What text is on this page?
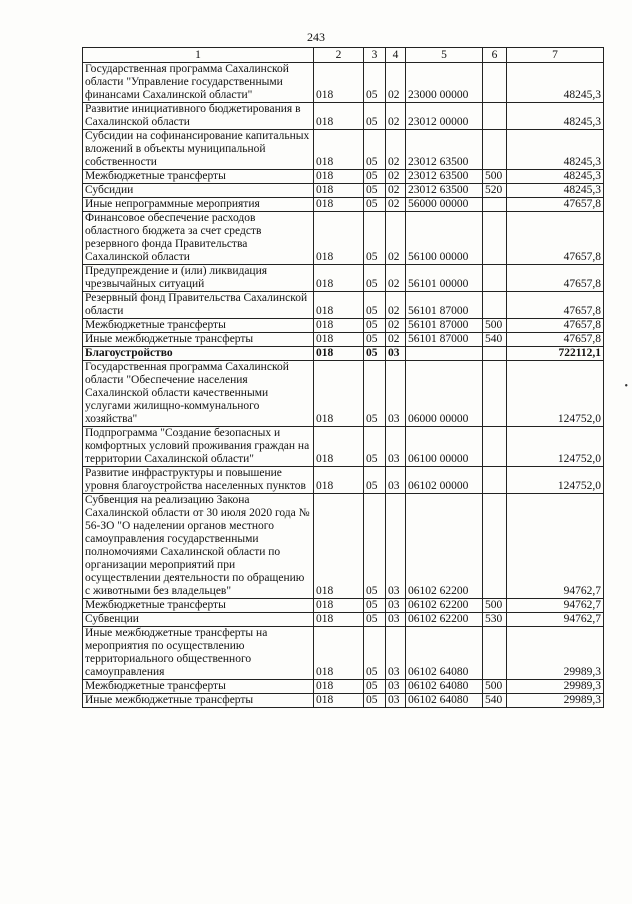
243
1	2	3	4	5	6	7
Государственная программа Сахалинской области "Управление государственными финансами Сахалинской области"	018	05	02	23000 00000		48245,3
Развитие инициативного бюджетирования в Сахалинской области	018	05	02	23012 00000		48245,3
Субсидии на софинансирование капитальных вложений в объекты муниципальной собственности	018	05	02	23012 63500		48245,3
Межбюджетные трансферты	018	05	02	23012 63500	500	48245,3
Субсидии	018	05	02	23012 63500	520	48245,3
Иные непрограммные мероприятия	018	05	02	56000 00000		47657,8
Финансовое обеспечение расходов областного бюджета за счет средств резервного фонда Правительства Сахалинской области	018	05	02	56100 00000		47657,8
Предупреждение и (или) ликвидация чрезвычайных ситуаций	018	05	02	56101 00000		47657,8
Резервный фонд Правительства Сахалинской области	018	05	02	56101 87000		47657,8
Межбюджетные трансферты	018	05	02	56101 87000	500	47657,8
Иные межбюджетные трансферты	018	05	02	56101 87000	540	47657,8
Благоустройство	018	05	03			722112,1
Государственная программа Сахалинской области "Обеспечение населения Сахалинской области качественными услугами жилищно-коммунального хозяйства"	018	05	03	06000 00000		124752,0
Подпрограмма "Создание безопасных и комфортных условий проживания граждан на территории Сахалинской области"	018	05	03	06100 00000		124752,0
Развитие инфраструктуры и повышение уровня благоустройства населенных пунктов	018	05	03	06102 00000		124752,0
Субвенция на реализацию Закона Сахалинской области от 30 июля 2020 года № 56-ЗО "О наделении органов местного самоуправления государственными полномочиями Сахалинской области по организации мероприятий при осуществлении деятельности по обращению с животными без владельцев"	018	05	03	06102 62200		94762,7
Межбюджетные трансферты	018	05	03	06102 62200	500	94762,7
Субвенции	018	05	03	06102 62200	530	94762,7
Иные межбюджетные трансферты на мероприятия по осуществлению территориального общественного самоуправления	018	05	03	06102 64080		29989,3
Межбюджетные трансферты	018	05	03	06102 64080	500	29989,3
Иные межбюджетные трансферты	018	05	03	06102 64080	540	29989,3
•
